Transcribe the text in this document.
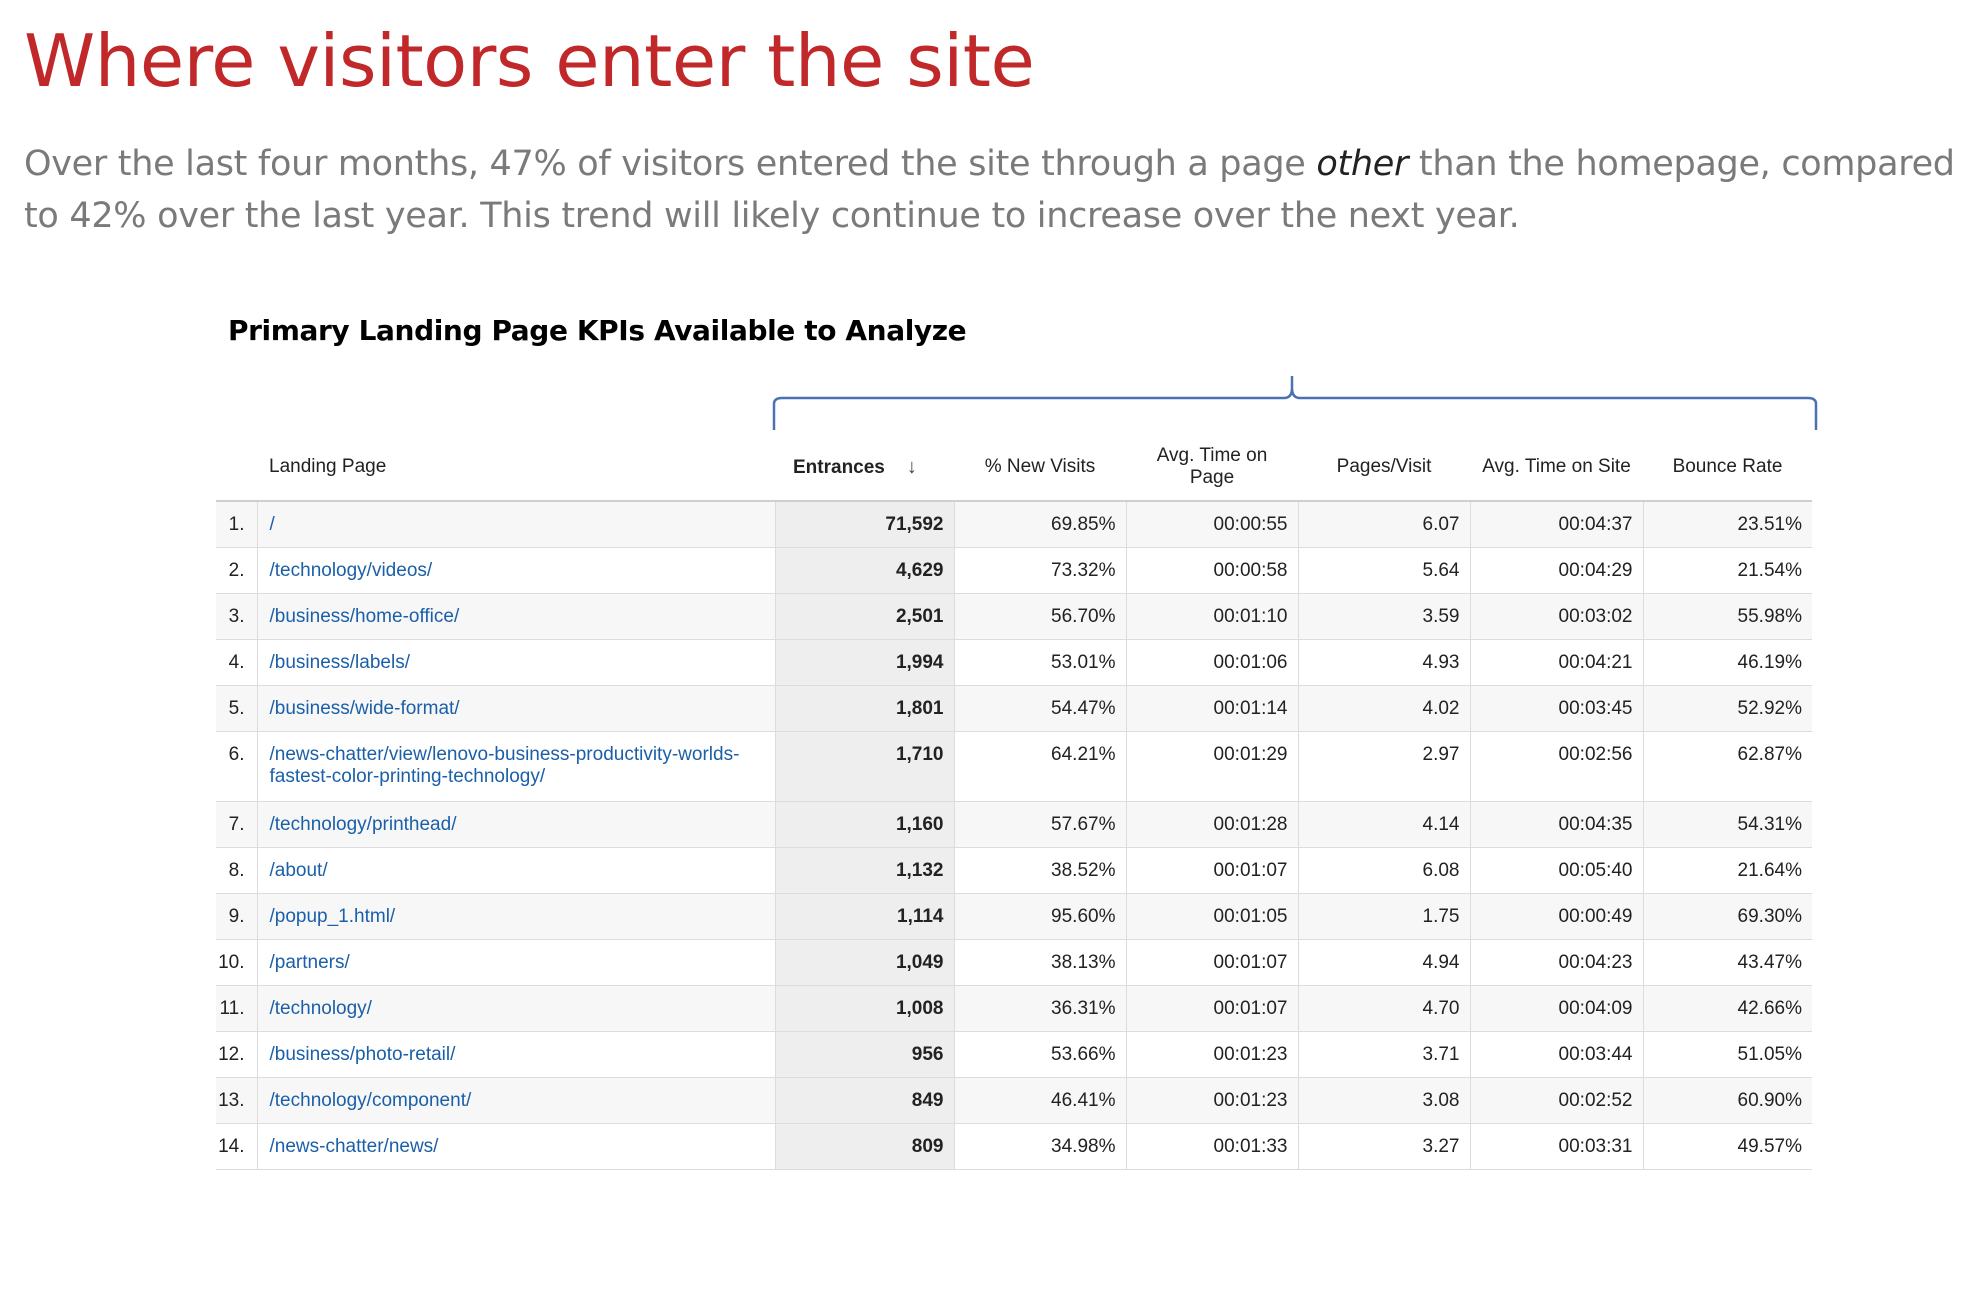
Where visitors enter the site

Over the last four months, 47% of visitors entered the site through a page other than the homepage, compared to 42% over the last year. This trend will likely continue to increase over the next year.

Primary Landing Page KPIs Available to Analyze
	Landing Page	Entrances ↓	% New Visits	Avg. Time on Page	Pages/Visit	Avg. Time on Site	Bounce Rate
1.	/	71,592	69.85%	00:00:55	6.07	00:04:37	23.51%
2.	/technology/videos/	4,629	73.32%	00:00:58	5.64	00:04:29	21.54%
3.	/business/home-office/	2,501	56.70%	00:01:10	3.59	00:03:02	55.98%
4.	/business/labels/	1,994	53.01%	00:01:06	4.93	00:04:21	46.19%
5.	/business/wide-format/	1,801	54.47%	00:01:14	4.02	00:03:45	52.92%
6.	/news-chatter/view/lenovo-business-productivity-worlds-fastest-color-printing-technology/	1,710	64.21%	00:01:29	2.97	00:02:56	62.87%
7.	/technology/printhead/	1,160	57.67%	00:01:28	4.14	00:04:35	54.31%
8.	/about/	1,132	38.52%	00:01:07	6.08	00:05:40	21.64%
9.	/popup_1.html/	1,114	95.60%	00:01:05	1.75	00:00:49	69.30%
10.	/partners/	1,049	38.13%	00:01:07	4.94	00:04:23	43.47%
11.	/technology/	1,008	36.31%	00:01:07	4.70	00:04:09	42.66%
12.	/business/photo-retail/	956	53.66%	00:01:23	3.71	00:03:44	51.05%
13.	/technology/component/	849	46.41%	00:01:23	3.08	00:02:52	60.90%
14.	/news-chatter/news/	809	34.98%	00:01:33	3.27	00:03:31	49.57%
